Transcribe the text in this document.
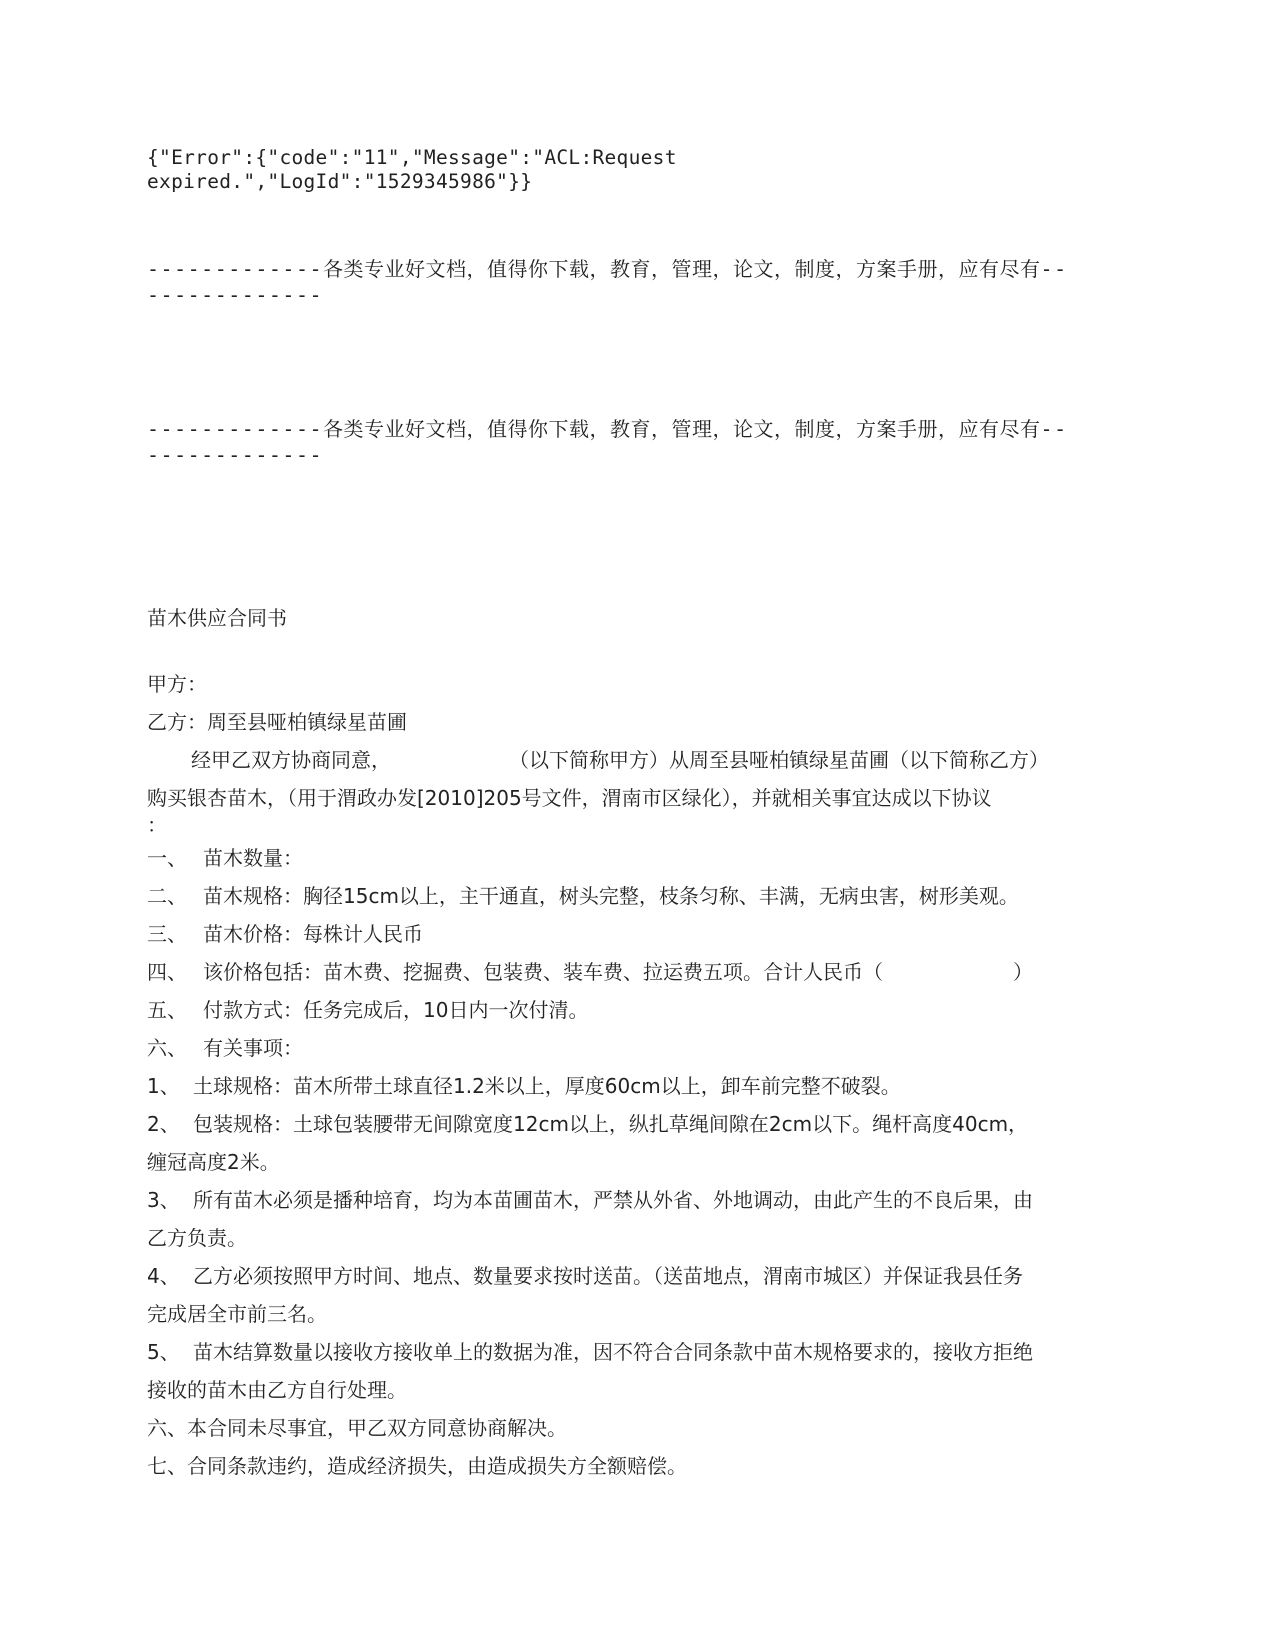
{"Error":{"code":"11","Message":"ACL:Request expired.","LogId":"1529345986"}}
-------------各类专业好文档，值得你下载，教育，管理，论文，制度，方案手册，应有尽有--
-------------
-------------各类专业好文档，值得你下载，教育，管理，论文，制度，方案手册，应有尽有--
-------------
苗木供应合同书
甲方：
乙方：周至县哑柏镇绿星苗圃
经甲乙双方协商同意，	（以下简称甲方）从周至县哑柏镇绿星苗圃（以下简称乙方）
购买银杏苗木，（用于渭政办发[2010]205号文件，渭南市区绿化），并就相关事宜达成以下协议
：
一、 苗木数量：
二、 苗木规格：胸径15cm以上，主干通直，树头完整，枝条匀称、丰满，无病虫害，树形美观。
三、 苗木价格：每株计人民币
四、 该价格包括：苗木费、挖掘费、包装费、装车费、拉运费五项。合计人民币（	）
五、 付款方式：任务完成后，10日内一次付清。
六、 有关事项：
1、 土球规格：苗木所带土球直径1.2米以上，厚度60cm以上，卸车前完整不破裂。
2、 包装规格：土球包装腰带无间隙宽度12cm以上，纵扎草绳间隙在2cm以下。绳杆高度40cm，
缠冠高度2米。
3、 所有苗木必须是播种培育，均为本苗圃苗木，严禁从外省、外地调动，由此产生的不良后果，由
乙方负责。
4、 乙方必须按照甲方时间、地点、数量要求按时送苗。（送苗地点，渭南市城区）并保证我县任务
完成居全市前三名。
5、 苗木结算数量以接收方接收单上的数据为准，因不符合合同条款中苗木规格要求的，接收方拒绝
接收的苗木由乙方自行处理。
六、本合同未尽事宜，甲乙双方同意协商解决。
七、合同条款违约，造成经济损失，由造成损失方全额赔偿。
